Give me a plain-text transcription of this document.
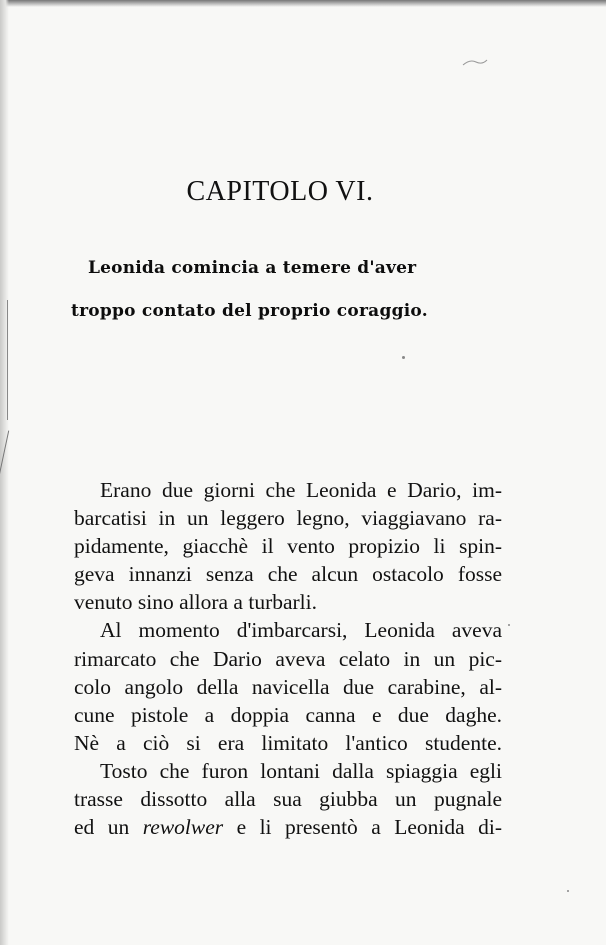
CAPITOLO VI.

Leonida comincia a temere d'aver

troppo contato del proprio coraggio.

Erano due giorni che Leonida e Dario, im-
barcatisi in un leggero legno, viaggiavano ra-
pidamente, giacchè il vento propizio li spin-
geva innanzi senza che alcun ostacolo fosse
venuto sino allora a turbarli.
Al momento d'imbarcarsi, Leonida aveva
rimarcato che Dario aveva celato in un pic-
colo angolo della navicella due carabine, al-
cune pistole a doppia canna e due daghe.
Nè a ciò si era limitato l'antico studente.
Tosto che furon lontani dalla spiaggia egli
trasse dissotto alla sua giubba un pugnale
ed un rewolwer e li presentò a Leonida di-
